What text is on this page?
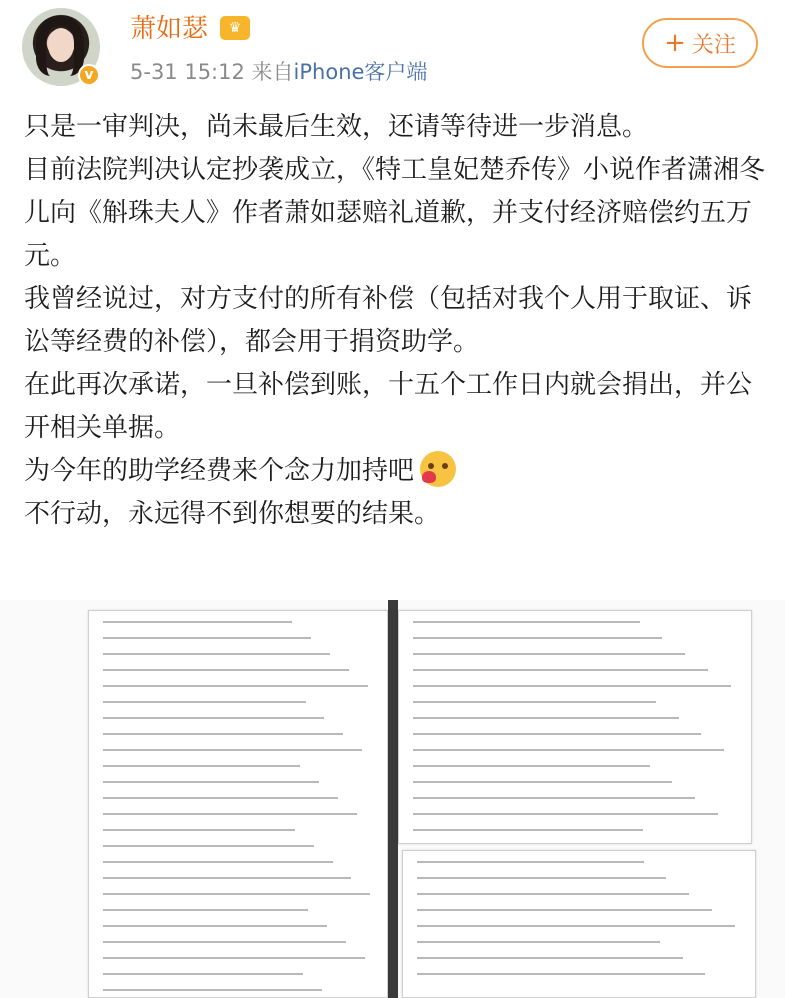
v
萧如瑟	♛
5-31 15:12 来自iPhone客户端
+ 关注

只是一审判决，尚未最后生效，还请等待进一步消息。

目前法院判决认定抄袭成立，《特工皇妃楚乔传》小说作者潇湘冬儿向《斛珠夫人》作者萧如瑟赔礼道歉，并支付经济赔偿约五万元。

我曾经说过，对方支付的所有补偿（包括对我个人用于取证、诉讼等经费的补偿），都会用于捐资助学。

在此再次承诺，一旦补偿到账，十五个工作日内就会捐出，并公开相关单据。

为今年的助学经费来个念力加持吧

不行动，永远得不到你想要的结果。
